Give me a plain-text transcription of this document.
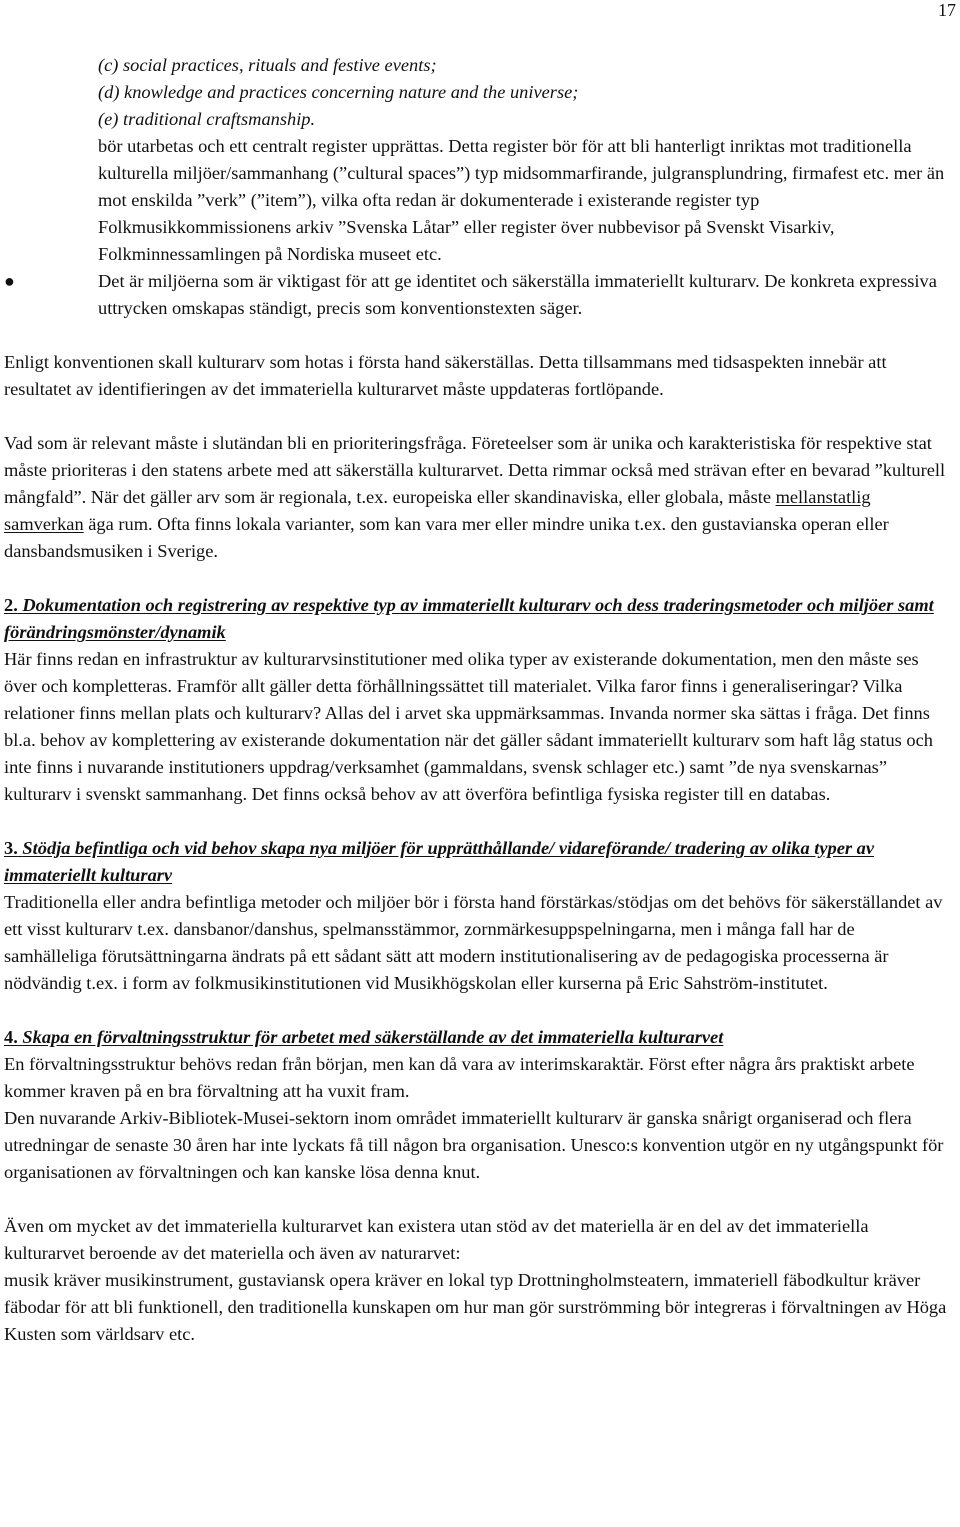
17

(c) social practices, rituals and festive events;

(d) knowledge and practices concerning nature and the universe;

(e) traditional craftsmanship.

bör utarbetas och ett centralt register upprättas. Detta register bör för att bli hanterligt inriktas mot traditionella kulturella miljöer/sammanhang (”cultural spaces”) typ midsommarfirande, julgransplundring, firmafest etc. mer än mot enskilda ”verk” (”item”), vilka ofta redan är dokumenterade i existerande register typ Folkmusikkommissionens arkiv ”Svenska Låtar” eller register över nubbevisor på Svenskt Visarkiv, Folkminnessamlingen på Nordiska museet etc.

●	Det är miljöerna som är viktigast för att ge identitet och säkerställa immateriellt kulturarv. De konkreta expressiva uttrycken omskapas ständigt, precis som konventionstexten säger.

Enligt konventionen skall kulturarv som hotas i första hand säkerställas. Detta tillsammans med tidsaspekten innebär att resultatet av identifieringen av det immateriella kulturarvet måste uppdateras fortlöpande.

Vad som är relevant måste i slutändan bli en prioriteringsfråga. Företeelser som är unika och karakteristiska för respektive stat måste prioriteras i den statens arbete med att säkerställa kulturarvet. Detta rimmar också med strävan efter en bevarad ”kulturell mångfald”. När det gäller arv som är regionala, t.ex. europeiska eller skandinaviska, eller globala, måste mellanstatlig samverkan äga rum. Ofta finns lokala varianter, som kan vara mer eller mindre unika t.ex. den gustavianska operan eller dansbandsmusiken i Sverige.

2. Dokumentation och registrering av respektive typ av immateriellt kulturarv och dess traderingsmetoder och miljöer samt förändringsmönster/dynamik

Här finns redan en infrastruktur av kulturarvsinstitutioner med olika typer av existerande dokumentation, men den måste ses över och kompletteras. Framför allt gäller detta förhållningssättet till materialet. Vilka faror finns i generaliseringar? Vilka relationer finns mellan plats och kulturarv? Allas del i arvet ska uppmärksammas. Invanda normer ska sättas i fråga. Det finns bl.a. behov av komplettering av existerande dokumentation när det gäller sådant immateriellt kulturarv som haft låg status och inte finns i nuvarande institutioners uppdrag/verksamhet (gammaldans, svensk schlager etc.) samt ”de nya svenskarnas” kulturarv i svenskt sammanhang. Det finns också behov av att överföra befintliga fysiska register till en databas.

3. Stödja befintliga och vid behov skapa nya miljöer för upprätthållande/ vidareförande/ tradering av olika typer av immateriellt kulturarv

Traditionella eller andra befintliga metoder och miljöer bör i första hand förstärkas/stödjas om det behövs för säkerställandet av ett visst kulturarv t.ex. dansbanor/danshus, spelmansstämmor, zornmärkesuppspelningarna, men i många fall har de samhälleliga förutsättningarna ändrats på ett sådant sätt att modern institutionalisering av de pedagogiska processerna är nödvändig t.ex. i form av folkmusikinstitutionen vid Musikhögskolan eller kurserna på Eric Sahström-institutet.

4. Skapa en förvaltningsstruktur för arbetet med säkerställande av det immateriella kulturarvet

En förvaltningsstruktur behövs redan från början, men kan då vara av interimskaraktär. Först efter några års praktiskt arbete kommer kraven på en bra förvaltning att ha vuxit fram.

Den nuvarande Arkiv-Bibliotek-Musei-sektorn inom området immateriellt kulturarv är ganska snårigt organiserad och flera utredningar de senaste 30 åren har inte lyckats få till någon bra organisation. Unesco:s konvention utgör en ny utgångspunkt för organisationen av förvaltningen och kan kanske lösa denna knut.

Även om mycket av det immateriella kulturarvet kan existera utan stöd av det materiella är en del av det immateriella kulturarvet beroende av det materiella och även av naturarvet:

musik kräver musikinstrument, gustaviansk opera kräver en lokal typ Drottningholmsteatern, immateriell fäbodkultur kräver fäbodar för att bli funktionell, den traditionella kunskapen om hur man gör surströmming bör integreras i förvaltningen av Höga Kusten som världsarv etc.
